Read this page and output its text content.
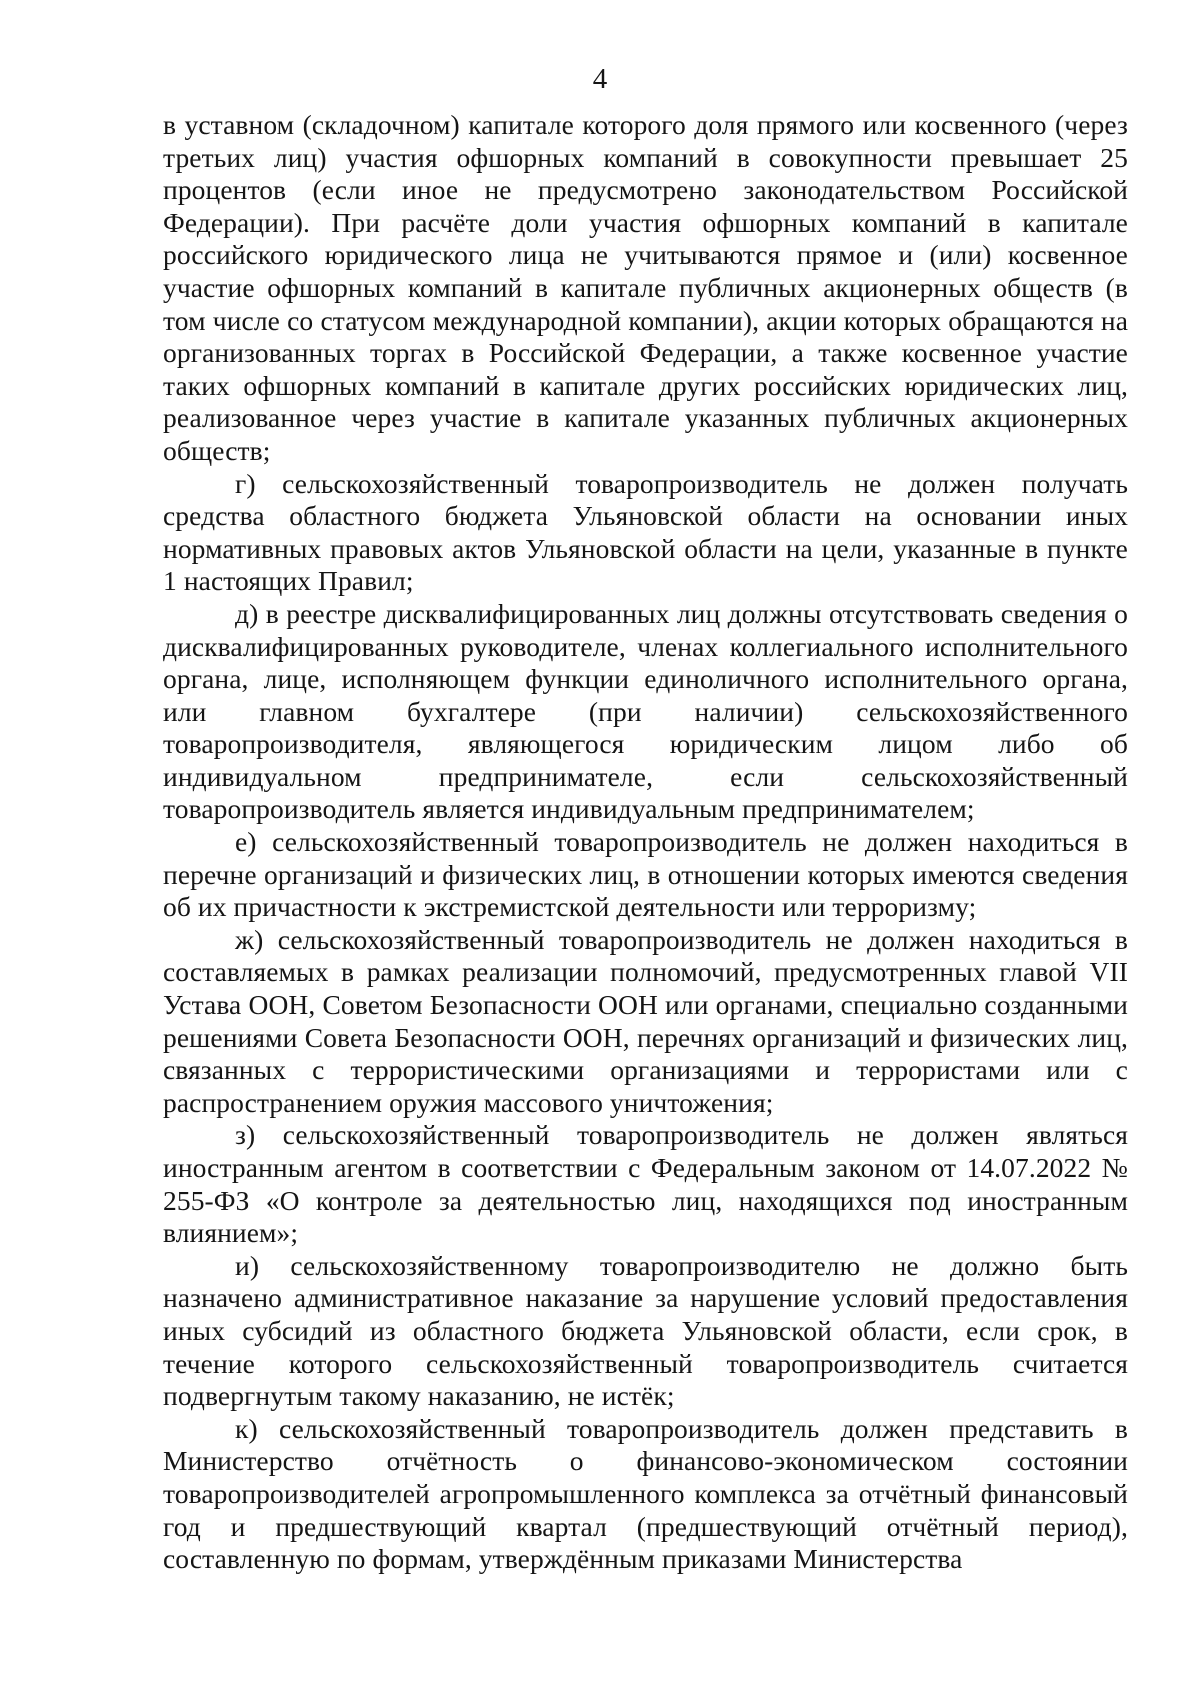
4

в уставном (складочном) капитале которого доля прямого или косвенного (через третьих лиц) участия офшорных компаний в совокупности превышает 25 процентов (если иное не предусмотрено законодательством Российской Федерации). При расчёте доли участия офшорных компаний в капитале российского юридического лица не учитываются прямое и (или) косвенное участие офшорных компаний в капитале публичных акционерных обществ (в том числе со статусом международной компании), акции которых обращаются на организованных торгах в Российской Федерации, а также косвенное участие таких офшорных компаний в капитале других российских юридических лиц, реализованное через участие в капитале указанных публичных акционерных обществ;

г) сельскохозяйственный товаропроизводитель не должен получать средства областного бюджета Ульяновской области на основании иных нормативных правовых актов Ульяновской области на цели, указанные в пункте 1 настоящих Правил;

д) в реестре дисквалифицированных лиц должны отсутствовать сведения о дисквалифицированных руководителе, членах коллегиального исполнительного органа, лице, исполняющем функции единоличного исполнительного органа, или главном бухгалтере (при наличии) сельскохозяйственного товаропроизводителя, являющегося юридическим лицом либо об индивидуальном предпринимателе, если сельскохозяйственный товаропроизводитель является индивидуальным предпринимателем;

е) сельскохозяйственный товаропроизводитель не должен находиться в перечне организаций и физических лиц, в отношении которых имеются сведения об их причастности к экстремистской деятельности или терроризму;

ж) сельскохозяйственный товаропроизводитель не должен находиться в составляемых в рамках реализации полномочий, предусмотренных главой VII Устава ООН, Советом Безопасности ООН или органами, специально созданными решениями Совета Безопасности ООН, перечнях организаций и физических лиц, связанных с террористическими организациями и террористами или с распространением оружия массового уничтожения;

з) сельскохозяйственный товаропроизводитель не должен являться иностранным агентом в соответствии с Федеральным законом от 14.07.2022 № 255-ФЗ «О контроле за деятельностью лиц, находящихся под иностранным влиянием»;

и) сельскохозяйственному товаропроизводителю не должно быть назначено административное наказание за нарушение условий предоставления иных субсидий из областного бюджета Ульяновской области, если срок, в течение которого сельскохозяйственный товаропроизводитель считается подвергнутым такому наказанию, не истёк;

к) сельскохозяйственный товаропроизводитель должен представить в Министерство отчётность о финансово-экономическом состоянии товаропроизводителей агропромышленного комплекса за отчётный финансовый год и предшествующий квартал (предшествующий отчётный период), составленную по формам, утверждённым приказами Министерства
